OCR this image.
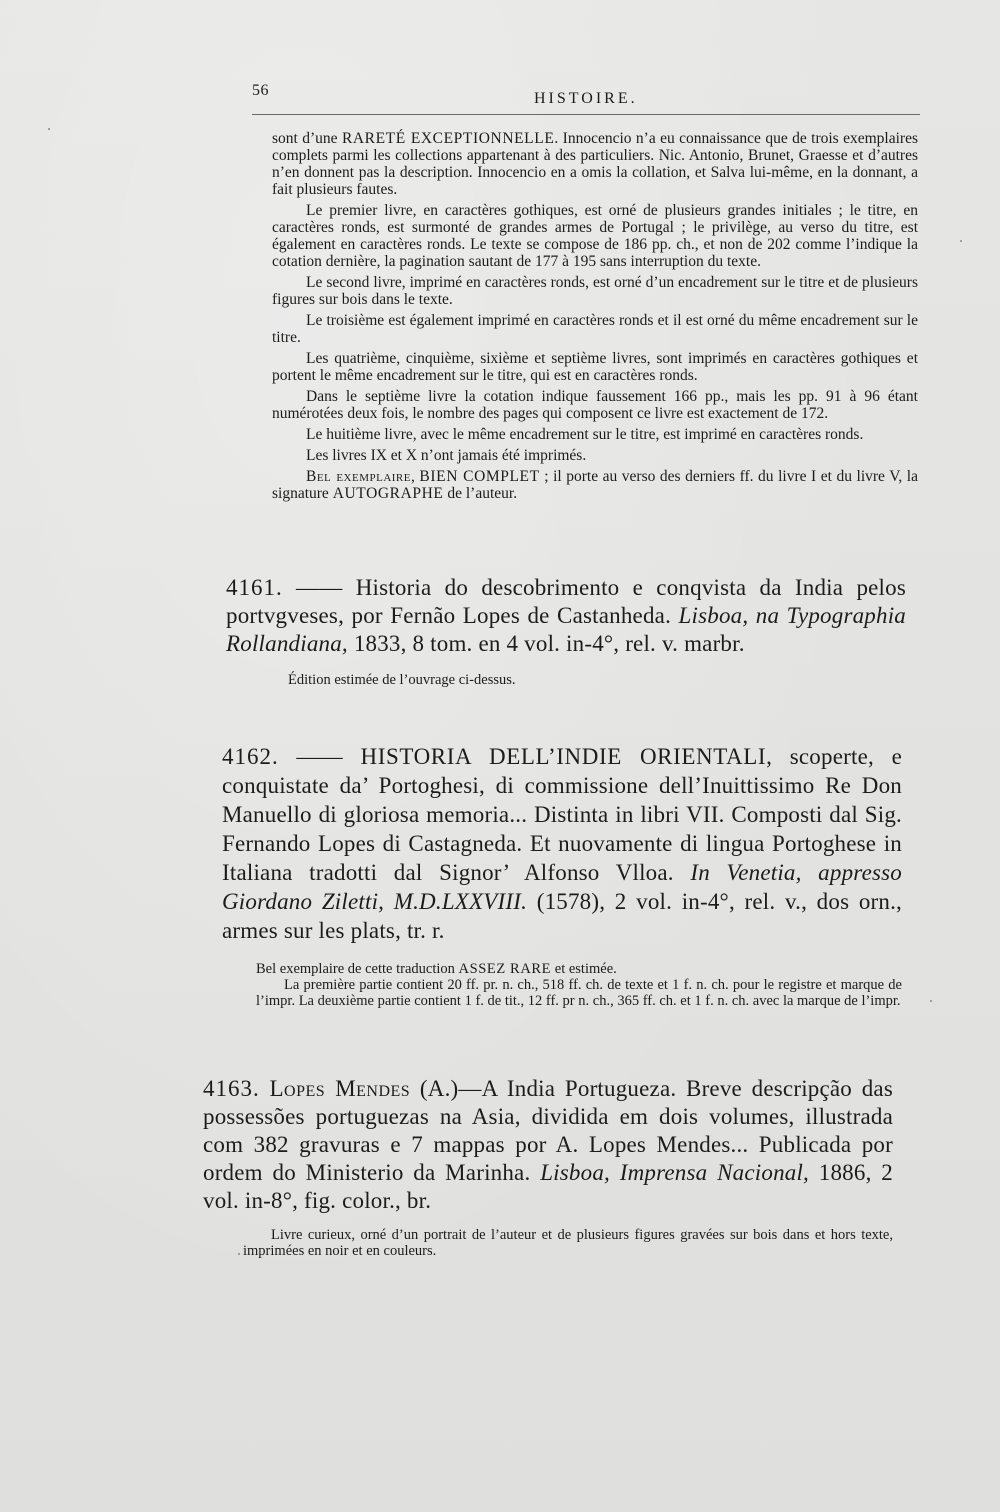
56	HISTOIRE.

sont d’une RARETÉ EXCEPTIONNELLE. Innocencio n’a eu connaissance que de trois exemplaires complets parmi les collections appartenant à des particuliers. Nic. Antonio, Brunet, Graesse et d’autres n’en donnent pas la description. Innocencio en a omis la collation, et Salva lui-même, en la donnant, a fait plusieurs fautes.

Le premier livre, en caractères gothiques, est orné de plusieurs grandes initiales ; le titre, en caractères ronds, est surmonté de grandes armes de Portugal ; le privilège, au verso du titre, est également en caractères ronds. Le texte se compose de 186 pp. ch., et non de 202 comme l’indique la cotation dernière, la pagination sautant de 177 à 195 sans interruption du texte.

Le second livre, imprimé en caractères ronds, est orné d’un encadrement sur le titre et de plusieurs figures sur bois dans le texte.

Le troisième est également imprimé en caractères ronds et il est orné du même encadrement sur le titre.

Les quatrième, cinquième, sixième et septième livres, sont imprimés en caractères gothiques et portent le même encadrement sur le titre, qui est en caractères ronds.

Dans le septième livre la cotation indique faussement 166 pp., mais les pp. 91 à 96 étant numérotées deux fois, le nombre des pages qui composent ce livre est exactement de 172.

Le huitième livre, avec le même encadrement sur le titre, est imprimé en caractères ronds.

Les livres IX et X n’ont jamais été imprimés.

Bel exemplaire, BIEN COMPLET ; il porte au verso des derniers ff. du livre I et du livre V, la signature AUTOGRAPHE de l’auteur.

4161. —— Historia do descobrimento e conqvista da India pelos portvgveses, por Fernão Lopes de Castanheda. Lisboa, na Typographia Rollandiana, 1833, 8 tom. en 4 vol. in-4°, rel. v. marbr.

Édition estimée de l’ouvrage ci-dessus.

4162. —— HISTORIA DELL’INDIE ORIENTALI, scoperte, e conquistate da’ Portoghesi, di commissione dell’Inuittissimo Re Don Manuello di gloriosa memoria... Distinta in libri VII. Composti dal Sig. Fernando Lopes di Castagneda. Et nuovamente di lingua Portoghese in Italiana tradotti dal Signor’ Alfonso Vlloa. In Venetia, appresso Giordano Ziletti, M.D.LXXVIII. (1578), 2 vol. in-4°, rel. v., dos orn., armes sur les plats, tr. r.

Bel exemplaire de cette traduction ASSEZ RARE et estimée.

La première partie contient 20 ff. pr. n. ch., 518 ff. ch. de texte et 1 f. n. ch. pour le registre et marque de l’impr. La deuxième partie contient 1 f. de tit., 12 ff. pr n. ch., 365 ff. ch. et 1 f. n. ch. avec la marque de l’impr.

4163. Lopes Mendes (A.)—A India Portugueza. Breve descripção das possessões portuguezas na Asia, dividida em dois volumes, illustrada com 382 gravuras e 7 mappas por A. Lopes Mendes... Publicada por ordem do Ministerio da Marinha. Lisboa, Imprensa Nacional, 1886, 2 vol. in-8°, fig. color., br.

Livre curieux, orné d’un portrait de l’auteur et de plusieurs figures gravées sur bois dans et hors texte, imprimées en noir et en couleurs.
